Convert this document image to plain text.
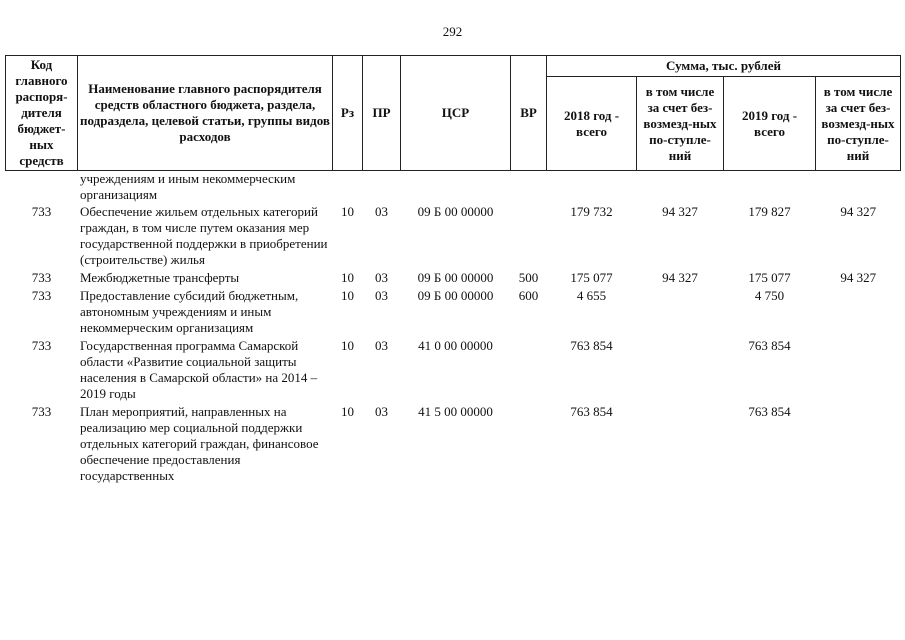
292
Код главного распоря-дителя бюджет-ных средств	Наименование главного распорядителя средств областного бюджета, раздела, подраздела, целевой статьи, группы видов расходов	Рз	ПР	ЦСР	ВР	Сумма, тыс. рублей			
						2018 год - всего	в том числе за счет без-возмезд-ных по-ступле-ний	2019 год - всего	в том числе за счет без-возмезд-ных по-ступле-ний
	учреждениям и иным некоммерческим организациям								
733	Обеспечение жильем отдельных категорий граждан, в том числе путем оказания мер государственной поддержки в приобретении (строительстве) жилья	10	03	09 Б 00 00000		179 732	94 327	179 827	94 327
733	Межбюджетные трансферты	10	03	09 Б 00 00000	500	175 077	94 327	175 077	94 327
733	Предоставление субсидий бюджетным, автономным учреждениям и иным некоммерческим организациям	10	03	09 Б 00 00000	600	4 655		4 750	
733	Государственная программа Самарской области «Развитие социальной защиты населения в Самарской области» на 2014 – 2019 годы	10	03	41 0 00 00000		763 854		763 854	
733	План мероприятий, направленных на реализацию мер социальной поддержки отдельных категорий граждан, финансовое обеспечение предоставления государственных	10	03	41 5 00 00000		763 854		763 854	
